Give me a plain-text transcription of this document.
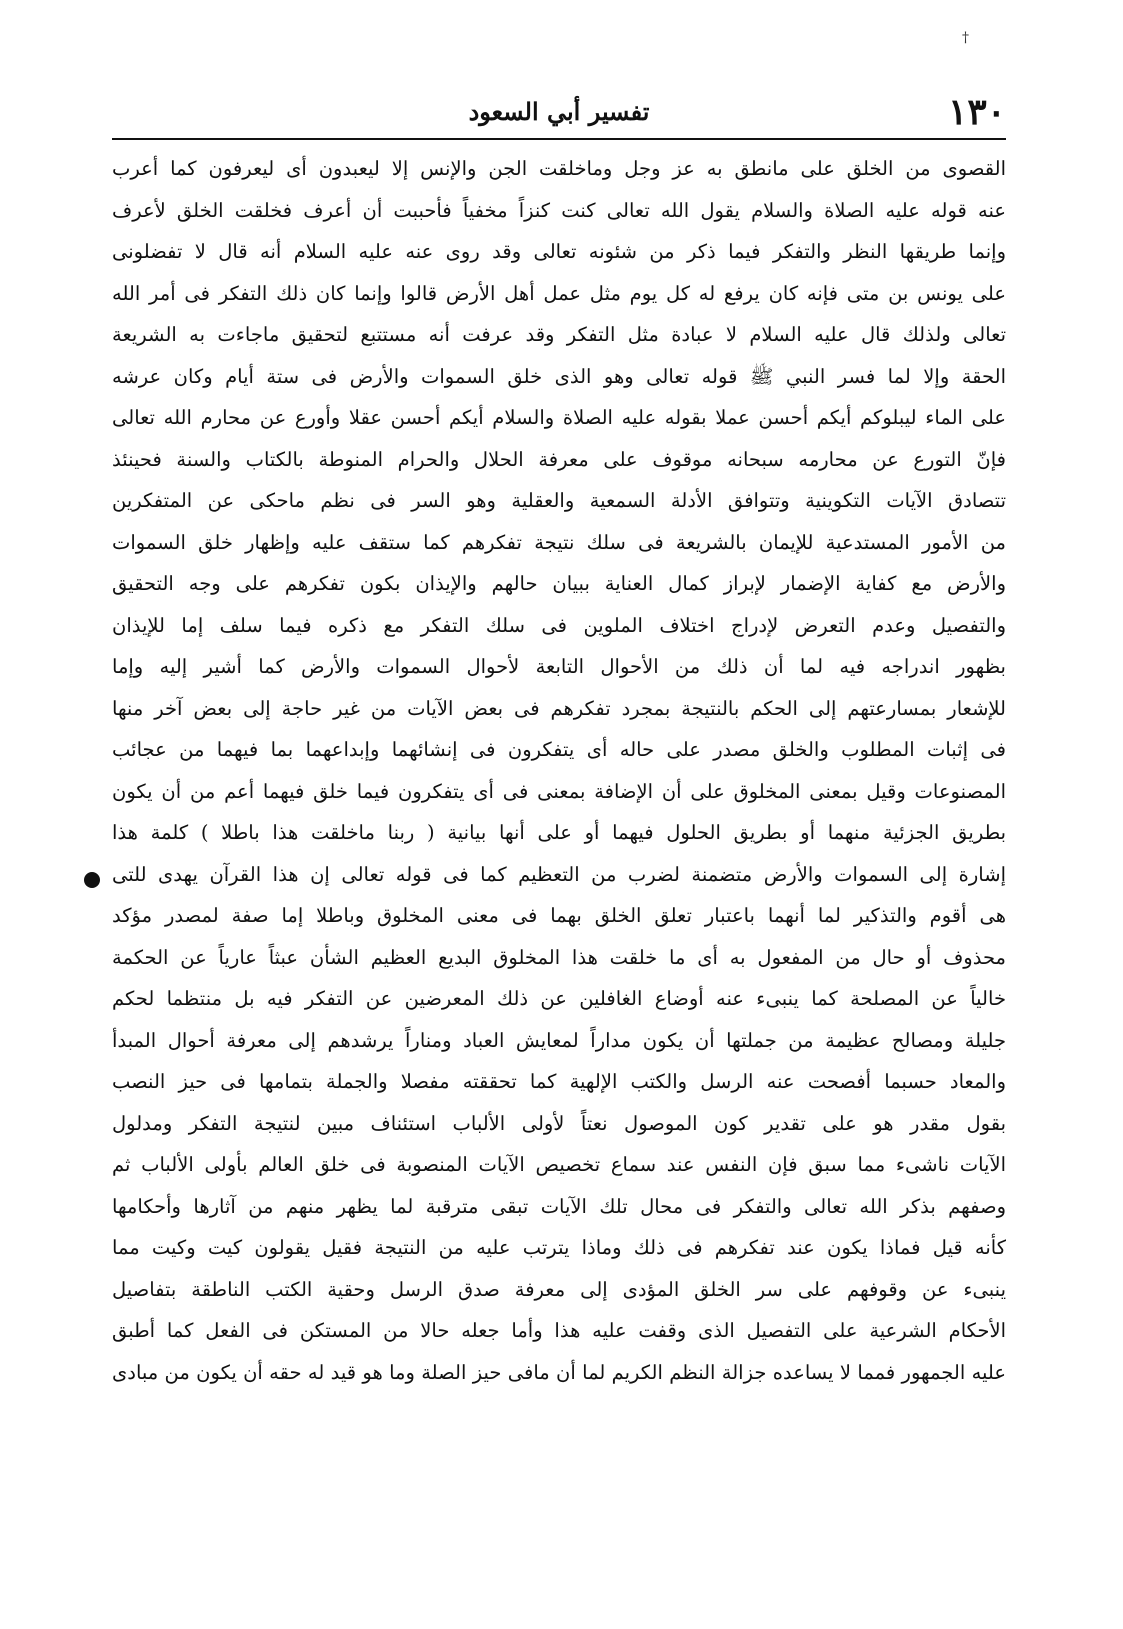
†
١٣٠
تفسير أبي السعود
القصوى من الخلق على مانطق به عز وجل وماخلقت الجن والإنس إلا ليعبدون أى ليعرفون كما أعرب
عنه قوله عليه الصلاة والسلام يقول الله تعالى كنت كنزاً مخفياً فأحببت أن أعرف فخلقت الخلق لأعرف
وإنما طريقها النظر والتفكر فيما ذكر من شئونه تعالى وقد روى عنه عليه السلام أنه قال لا تفضلونى
على يونس بن متى فإنه كان يرفع له كل يوم مثل عمل أهل الأرض قالوا وإنما كان ذلك التفكر فى أمر الله
تعالى ولذلك قال عليه السلام لا عبادة مثل التفكر وقد عرفت أنه مستتبع لتحقيق ماجاءت به الشريعة
الحقة وإلا لما فسر النبي ﷺ قوله تعالى وهو الذى خلق السموات والأرض فى ستة أيام وكان عرشه
على الماء ليبلوكم أيكم أحسن عملا بقوله عليه الصلاة والسلام أيكم أحسن عقلا وأورع عن محارم الله تعالى
فإنّ التورع عن محارمه سبحانه موقوف على معرفة الحلال والحرام المنوطة بالكتاب والسنة فحينئذ
تتصادق الآيات التكوينية وتتوافق الأدلة السمعية والعقلية وهو السر فى نظم ماحكى عن المتفكرين
من الأمور المستدعية للإيمان بالشريعة فى سلك نتيجة تفكرهم كما ستقف عليه وإظهار خلق السموات
والأرض مع كفاية الإضمار لإبراز كمال العناية ببيان حالهم والإيذان بكون تفكرهم على وجه التحقيق
والتفصيل وعدم التعرض لإدراج اختلاف الملوين فى سلك التفكر مع ذكره فيما سلف إما للإيذان
بظهور اندراجه فيه لما أن ذلك من الأحوال التابعة لأحوال السموات والأرض كما أشير إليه وإما
للإشعار بمسارعتهم إلى الحكم بالنتيجة بمجرد تفكرهم فى بعض الآيات من غير حاجة إلى بعض آخر منها
فى إثبات المطلوب والخلق مصدر على حاله أى يتفكرون فى إنشائهما وإبداعهما بما فيهما من عجائب
المصنوعات وقيل بمعنى المخلوق على أن الإضافة بمعنى فى أى يتفكرون فيما خلق فيهما أعم من أن يكون
بطريق الجزئية منهما أو بطريق الحلول فيهما أو على أنها بيانية ( ربنا ماخلقت هذا باطلا ) كلمة هذا
إشارة إلى السموات والأرض متضمنة لضرب من التعظيم كما فى قوله تعالى إن هذا القرآن يهدى للتى
هى أقوم والتذكير لما أنهما باعتبار تعلق الخلق بهما فى معنى المخلوق وباطلا إما صفة لمصدر مؤكد
محذوف أو حال من المفعول به أى ما خلقت هذا المخلوق البديع العظيم الشأن عبثاً عارياً عن الحكمة
خالياً عن المصلحة كما ينبىء عنه أوضاع الغافلين عن ذلك المعرضين عن التفكر فيه بل منتظما لحكم
جليلة ومصالح عظيمة من جملتها أن يكون مداراً لمعايش العباد ومناراً يرشدهم إلى معرفة أحوال المبدأ
والمعاد حسبما أفصحت عنه الرسل والكتب الإلهية كما تحققته مفصلا والجملة بتمامها فى حيز النصب
بقول مقدر هو على تقدير كون الموصول نعتاً لأولى الألباب استئناف مبين لنتيجة التفكر ومدلول
الآيات ناشىء مما سبق فإن النفس عند سماع تخصيص الآيات المنصوبة فى خلق العالم بأولى الألباب ثم
وصفهم بذكر الله تعالى والتفكر فى محال تلك الآيات تبقى مترقبة لما يظهر منهم من آثارها وأحكامها
كأنه قيل فماذا يكون عند تفكرهم فى ذلك وماذا يترتب عليه من النتيجة فقيل يقولون كيت وكيت مما
ينبىء عن وقوفهم على سر الخلق المؤدى إلى معرفة صدق الرسل وحقية الكتب الناطقة بتفاصيل
الأحكام الشرعية على التفصيل الذى وقفت عليه هذا وأما جعله حالا من المستكن فى الفعل كما أطبق
عليه الجمهور فمما لا يساعده جزالة النظم الكريم لما أن مافى حيز الصلة وما هو قيد له حقه أن يكون من مبادى
